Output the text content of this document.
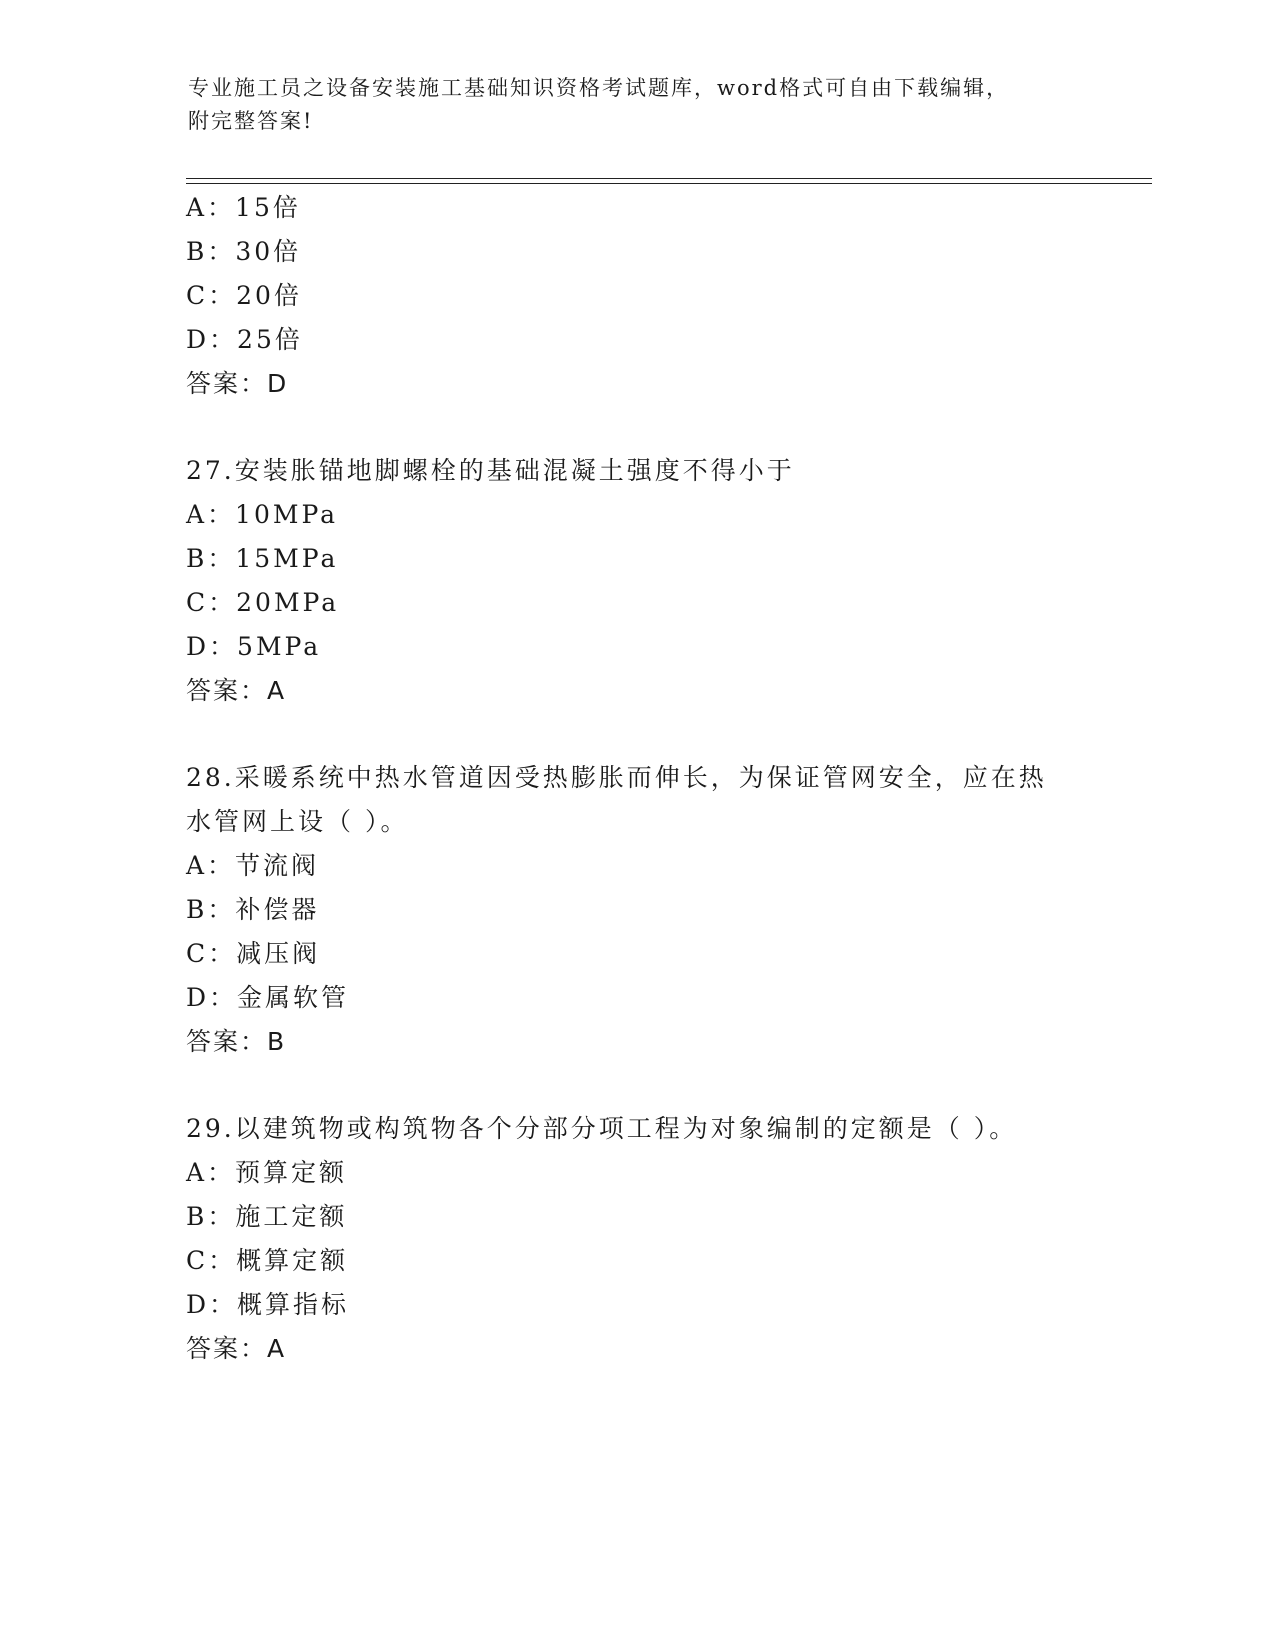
专业施工员之设备安装施工基础知识资格考试题库，word格式可自由下载编辑，
附完整答案!
A：15倍
B：30倍
C：20倍
D：25倍
答案：D
27.安装胀锚地脚螺栓的基础混凝土强度不得小于
A：10MPa
B：15MPa
C：20MPa
D：5MPa
答案：A
28.采暖系统中热水管道因受热膨胀而伸长，为保证管网安全，应在热
水管网上设（ ）。
A：节流阀
B：补偿器
C：减压阀
D：金属软管
答案：B
29.以建筑物或构筑物各个分部分项工程为对象编制的定额是（ ）。
A：预算定额
B：施工定额
C：概算定额
D：概算指标
答案：A
